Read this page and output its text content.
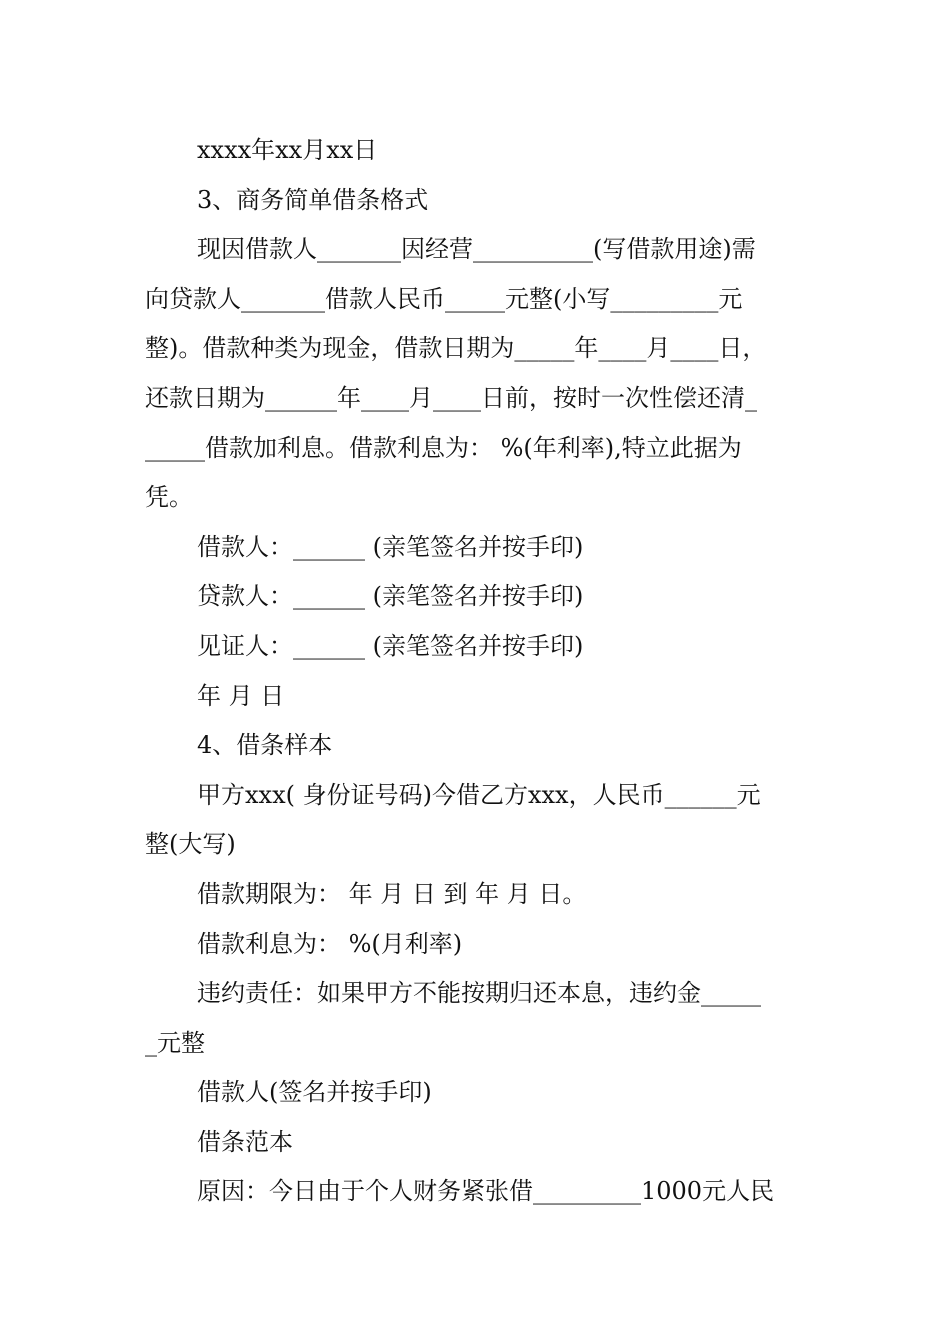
xxxx年xx月xx日
3、商务简单借条格式
现因借款人_______因经营__________(写借款用途)需
向贷款人_______借款人民币_____元整(小写_________元
整)。借款种类为现金，借款日期为_____年____月____日，
还款日期为______年____月____日前，按时一次性偿还清_
_____借款加利息。借款利息为： %(年利率),特立此据为
凭。
借款人：______ (亲笔签名并按手印)
贷款人：______ (亲笔签名并按手印)
见证人：______ (亲笔签名并按手印)
年 月 日
4、借条样本
甲方xxx( 身份证号码)今借乙方xxx，人民币______元
整(大写)
借款期限为： 年 月 日 到 年 月 日。
借款利息为： %(月利率)
违约责任：如果甲方不能按期归还本息，违约金_____
_元整
借款人(签名并按手印)
借条范本
原因：今日由于个人财务紧张借_________1000元人民
